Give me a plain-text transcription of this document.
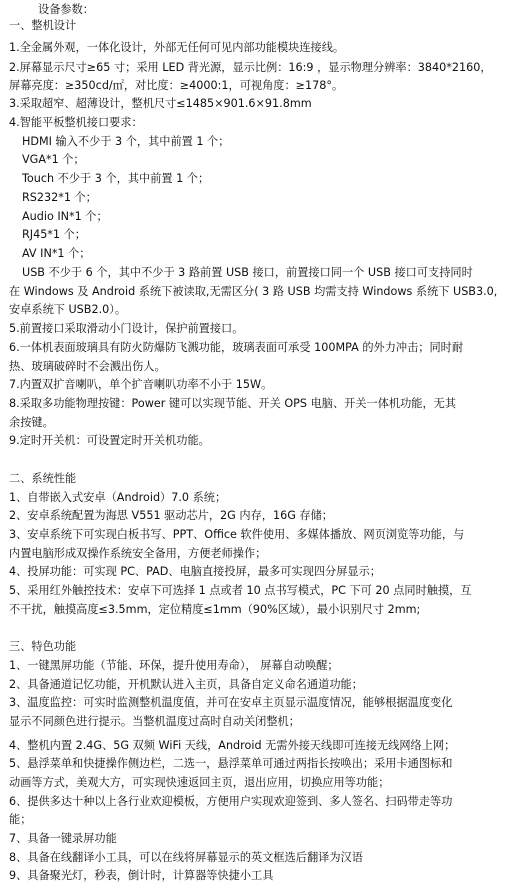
设备参数：
一、整机设计
1.全金属外观，一体化设计，外部无任何可见内部功能模块连接线。
2.屏幕显示尺寸≥65 寸；采用 LED 背光源，显示比例：16:9 ，显示物理分辨率：3840*2160，
屏幕亮度：≥350cd/㎡，对比度：≥4000:1，可视角度：≥178°。
3.采取超窄、超薄设计，整机尺寸≤1485×901.6×91.8mm
4.智能平板整机接口要求：
HDMI 输入不少于 3 个，其中前置 1 个；
VGA*1 个；
Touch 不少于 3 个，其中前置 1 个；
RS232*1 个；
Audio IN*1 个；
RJ45*1 个；
AV IN*1 个；
USB 不少于 6 个，其中不少于 3 路前置 USB 接口，前置接口同一个 USB 接口可支持同时
在 Windows 及 Android 系统下被读取,无需区分( 3 路 USB 均需支持 Windows 系统下 USB3.0,
安卓系统下 USB2.0）。
5.前置接口采取滑动小门设计，保护前置接口。
6.一体机表面玻璃具有防火防爆防飞溅功能，玻璃表面可承受 100MPA 的外力冲击；同时耐
热、玻璃破碎时不会溅出伤人。
7.内置双扩音喇叭，单个扩音喇叭功率不小于 15W。
8.采取多功能物理按键：Power 键可以实现节能、开关 OPS 电脑、开关一体机功能，无其
余按键。
9.定时开关机：可设置定时开关机功能。
二、系统性能
1、自带嵌入式安卓（Android）7.0 系统；
2、安卓系统配置为海思 V551 驱动芯片，2G 内存，16G 存储；
3、安卓系统下可实现白板书写、PPT、Office 软件使用、多媒体播放、网页浏览等功能，与
内置电脑形成双操作系统安全备用，方便老师操作；
4、投屏功能：可实现 PC、PAD、电脑直接投屏，最多可实现四分屏显示；
5、采用红外触控技术：安卓下可选择 1 点或者 10 点书写模式，PC 下可 20 点同时触摸，互
不干扰，触摸高度≤3.5mm，定位精度≤1mm（90%区域），最小识别尺寸 2mm;
三、特色功能
1、一键黑屏功能（节能、环保，提升使用寿命）， 屏幕自动唤醒；
2、具备通道记忆功能，开机默认进入主页，具备自定义命名通道功能；
3、温度监控：可实时监测整机温度值，并可在安卓主页显示温度情况，能够根据温度变化
显示不同颜色进行提示。当整机温度过高时自动关闭整机；
4、整机内置 2.4G、5G 双频 WiFi 天线，Android 无需外接天线即可连接无线网络上网；
5、悬浮菜单和快捷操作侧边栏，二选一，悬浮菜单可通过两指长按唤出；采用卡通图标和
动画等方式，美观大方，可实现快速返回主页，退出应用，切换应用等功能；
6、提供多达十种以上各行业欢迎模板，方便用户实现欢迎签到、多人签名、扫码带走等功
能；
7、具备一键录屏功能
8、具备在线翻译小工具，可以在线将屏幕显示的英文框选后翻译为汉语
9、具备聚光灯，秒表，倒计时，计算器等快捷小工具
